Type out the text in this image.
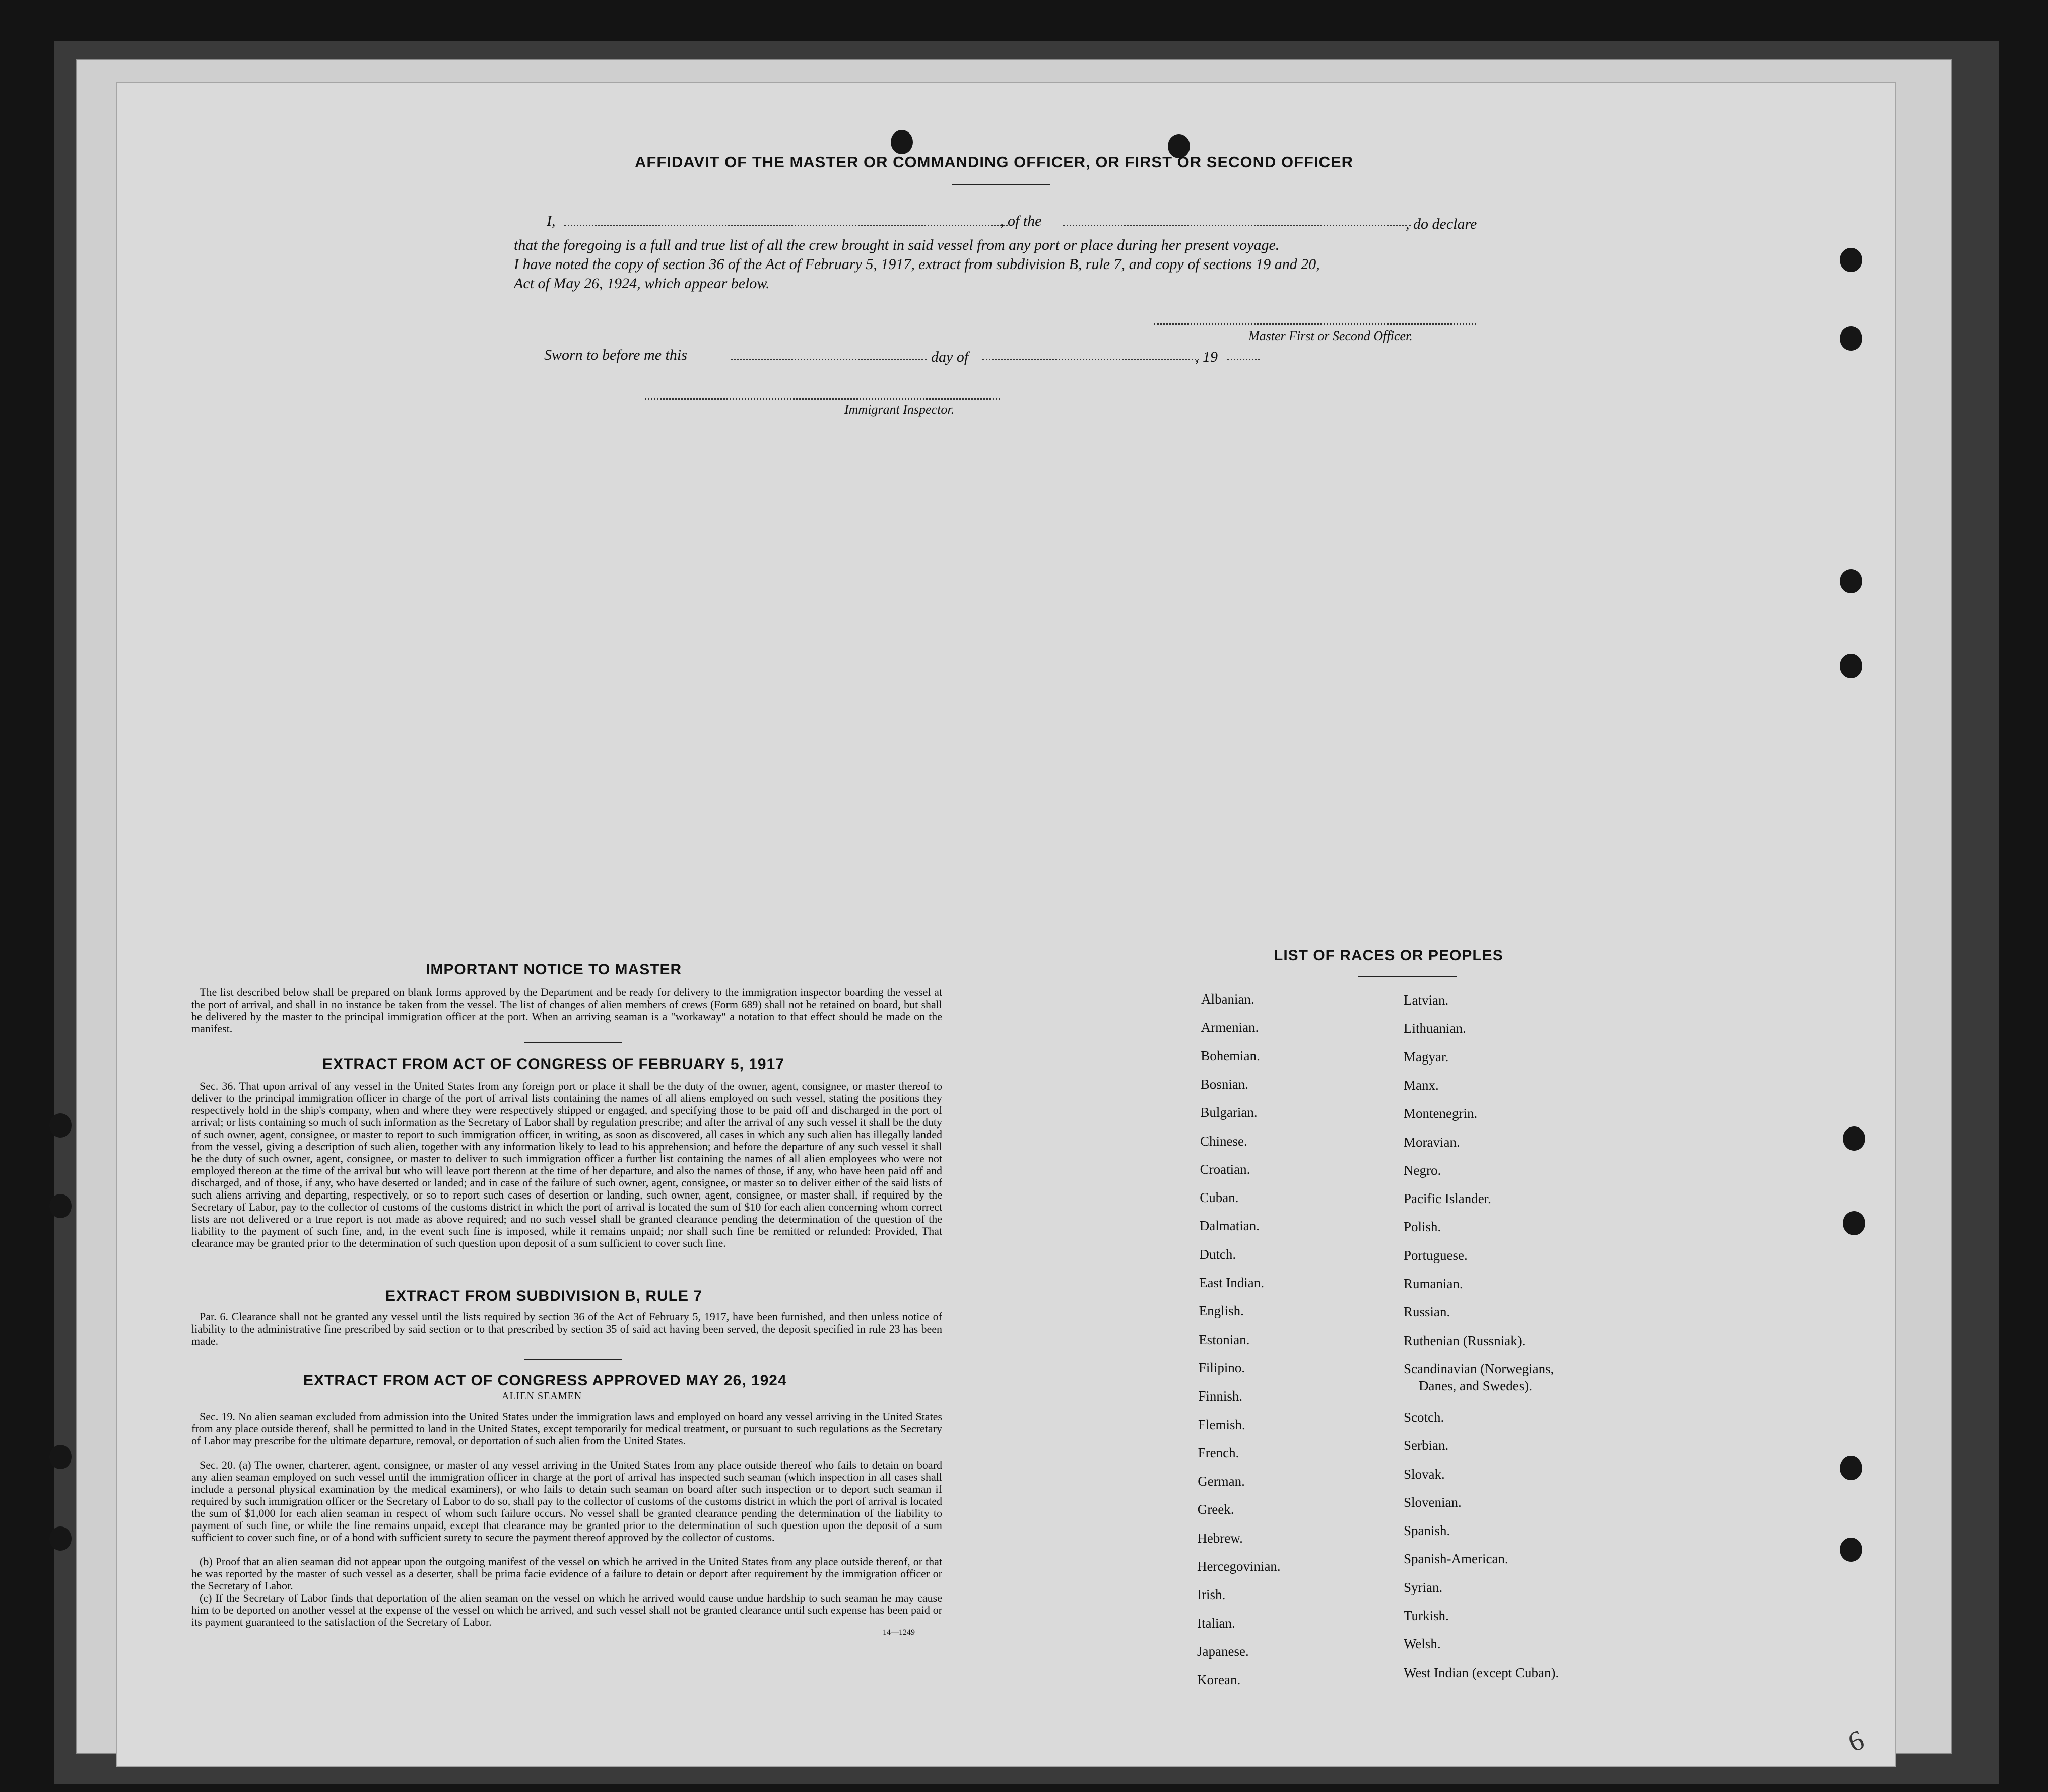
AFFIDAVIT OF THE MASTER OR COMMANDING OFFICER, OR FIRST OR SECOND OFFICER
I,	, of the	, do declare
that the foregoing is a full and true list of all the crew brought in said vessel from any port or place during her present voyage.
I have noted the copy of section 36 of the Act of February 5, 1917, extract from subdivision B, rule 7, and copy of sections 19 and 20,
Act of May 26, 1924, which appear below.
Master First or Second Officer.
Sworn to before me this	day of	, 19
Immigrant Inspector.
IMPORTANT NOTICE TO MASTER
The list described below shall be prepared on blank forms approved by the Department and be ready for delivery to the immigration inspector boarding the vessel at the port of arrival, and shall in no instance be taken from the vessel. The list of changes of alien members of crews (Form 689) shall not be retained on board, but shall be delivered by the master to the principal immigration officer at the port. When an arriving seaman is a "workaway" a notation to that effect should be made on the manifest.
EXTRACT FROM ACT OF CONGRESS OF FEBRUARY 5, 1917
Sec. 36. That upon arrival of any vessel in the United States from any foreign port or place it shall be the duty of the owner, agent, consignee, or master thereof to deliver to the principal immigration officer in charge of the port of arrival lists containing the names of all aliens employed on such vessel, stating the positions they respectively hold in the ship's company, when and where they were respectively shipped or engaged, and specifying those to be paid off and discharged in the port of arrival; or lists containing so much of such information as the Secretary of Labor shall by regulation prescribe; and after the arrival of any such vessel it shall be the duty of such owner, agent, consignee, or master to report to such immigration officer, in writing, as soon as discovered, all cases in which any such alien has illegally landed from the vessel, giving a description of such alien, together with any information likely to lead to his apprehension; and before the departure of any such vessel it shall be the duty of such owner, agent, consignee, or master to deliver to such immigration officer a further list containing the names of all alien employees who were not employed thereon at the time of the arrival but who will leave port thereon at the time of her departure, and also the names of those, if any, who have been paid off and discharged, and of those, if any, who have deserted or landed; and in case of the failure of such owner, agent, consignee, or master so to deliver either of the said lists of such aliens arriving and departing, respectively, or so to report such cases of desertion or landing, such owner, agent, consignee, or master shall, if required by the Secretary of Labor, pay to the collector of customs of the customs district in which the port of arrival is located the sum of $10 for each alien concerning whom correct lists are not delivered or a true report is not made as above required; and no such vessel shall be granted clearance pending the determination of the question of the liability to the payment of such fine, and, in the event such fine is imposed, while it remains unpaid; nor shall such fine be remitted or refunded: Provided, That clearance may be granted prior to the determination of such question upon deposit of a sum sufficient to cover such fine.
EXTRACT FROM SUBDIVISION B, RULE 7
Par. 6. Clearance shall not be granted any vessel until the lists required by section 36 of the Act of February 5, 1917, have been furnished, and then unless notice of liability to the administrative fine prescribed by said section or to that prescribed by section 35 of said act having been served, the deposit specified in rule 23 has been made.
EXTRACT FROM ACT OF CONGRESS APPROVED MAY 26, 1924
ALIEN SEAMEN
Sec. 19. No alien seaman excluded from admission into the United States under the immigration laws and employed on board any vessel arriving in the United States from any place outside thereof, shall be permitted to land in the United States, except temporarily for medical treatment, or pursuant to such regulations as the Secretary of Labor may prescribe for the ultimate departure, removal, or deportation of such alien from the United States.
Sec. 20. (a) The owner, charterer, agent, consignee, or master of any vessel arriving in the United States from any place outside thereof who fails to detain on board any alien seaman employed on such vessel until the immigration officer in charge at the port of arrival has inspected such seaman (which inspection in all cases shall include a personal physical examination by the medical examiners), or who fails to detain such seaman on board after such inspection or to deport such seaman if required by such immigration officer or the Secretary of Labor to do so, shall pay to the collector of customs of the customs district in which the port of arrival is located the sum of $1,000 for each alien seaman in respect of whom such failure occurs. No vessel shall be granted clearance pending the determination of the liability to payment of such fine, or while the fine remains unpaid, except that clearance may be granted prior to the determination of such question upon the deposit of a sum sufficient to cover such fine, or of a bond with sufficient surety to secure the payment thereof approved by the collector of customs.
(b) Proof that an alien seaman did not appear upon the outgoing manifest of the vessel on which he arrived in the United States from any place outside thereof, or that he was reported by the master of such vessel as a deserter, shall be prima facie evidence of a failure to detain or deport after requirement by the immigration officer or the Secretary of Labor.
(c) If the Secretary of Labor finds that deportation of the alien seaman on the vessel on which he arrived would cause undue hardship to such seaman he may cause him to be deported on another vessel at the expense of the vessel on which he arrived, and such vessel shall not be granted clearance until such expense has been paid or its payment guaranteed to the satisfaction of the Secretary of Labor.
14—1249
LIST OF RACES OR PEOPLES
Albanian.
Armenian.
Bohemian.
Bosnian.
Bulgarian.
Chinese.
Croatian.
Cuban.
Dalmatian.
Dutch.
East Indian.
English.
Estonian.
Filipino.
Finnish.
Flemish.
French.
German.
Greek.
Hebrew.
Hercegovinian.
Irish.
Italian.
Japanese.
Korean.
Latvian.
Lithuanian.
Magyar.
Manx.
Montenegrin.
Moravian.
Negro.
Pacific Islander.
Polish.
Portuguese.
Rumanian.
Russian.
Ruthenian (Russniak).
Scandinavian (Norwegians,
Danes, and Swedes).
Scotch.
Serbian.
Slovak.
Slovenian.
Spanish.
Spanish-American.
Syrian.
Turkish.
Welsh.
West Indian (except Cuban).
6
